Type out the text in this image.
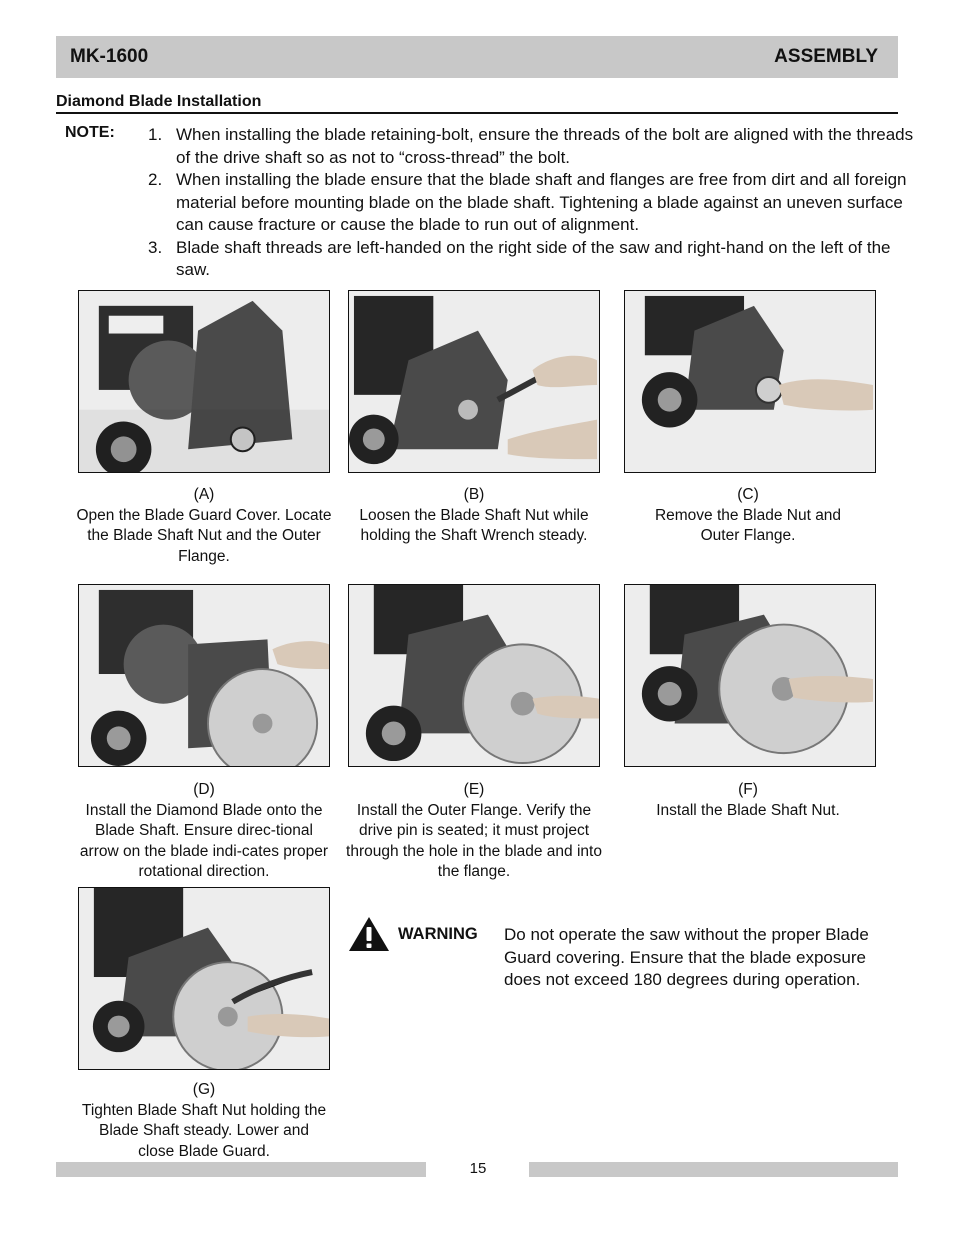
MK-1600	ASSEMBLY
Diamond Blade Installation
NOTE: 1. When installing the blade retaining-bolt, ensure the threads of the bolt are aligned with the threads of the drive shaft so as not to “cross-thread” the bolt.
2. When installing the blade ensure that the blade shaft and flanges are free from dirt and all foreign material before mounting blade on the blade shaft. Tightening a blade against an uneven surface can cause fracture or cause the blade to run out of alignment.
3. Blade shaft threads are left-handed on the right side of the saw and right-hand on the left of the saw.
(A)
Open the Blade Guard Cover. Locate the Blade Shaft Nut and the Outer Flange.
(B)
Loosen the Blade Shaft Nut while holding the Shaft Wrench steady.
(C)
Remove the Blade Nut and Outer Flange.
(D)
Install the Diamond Blade onto the Blade Shaft. Ensure direc-tional arrow on the blade indi-cates proper rotational direction.
(E)
Install the Outer Flange. Verify the drive pin is seated; it must project through the hole in the blade and into the flange.
(F)
Install the Blade Shaft Nut.
(G)
Tighten Blade Shaft Nut holding the Blade Shaft steady. Lower and close Blade Guard.
WARNING Do not operate the saw without the proper Blade Guard covering. Ensure that the blade exposure does not exceed 180 degrees during operation.
15
